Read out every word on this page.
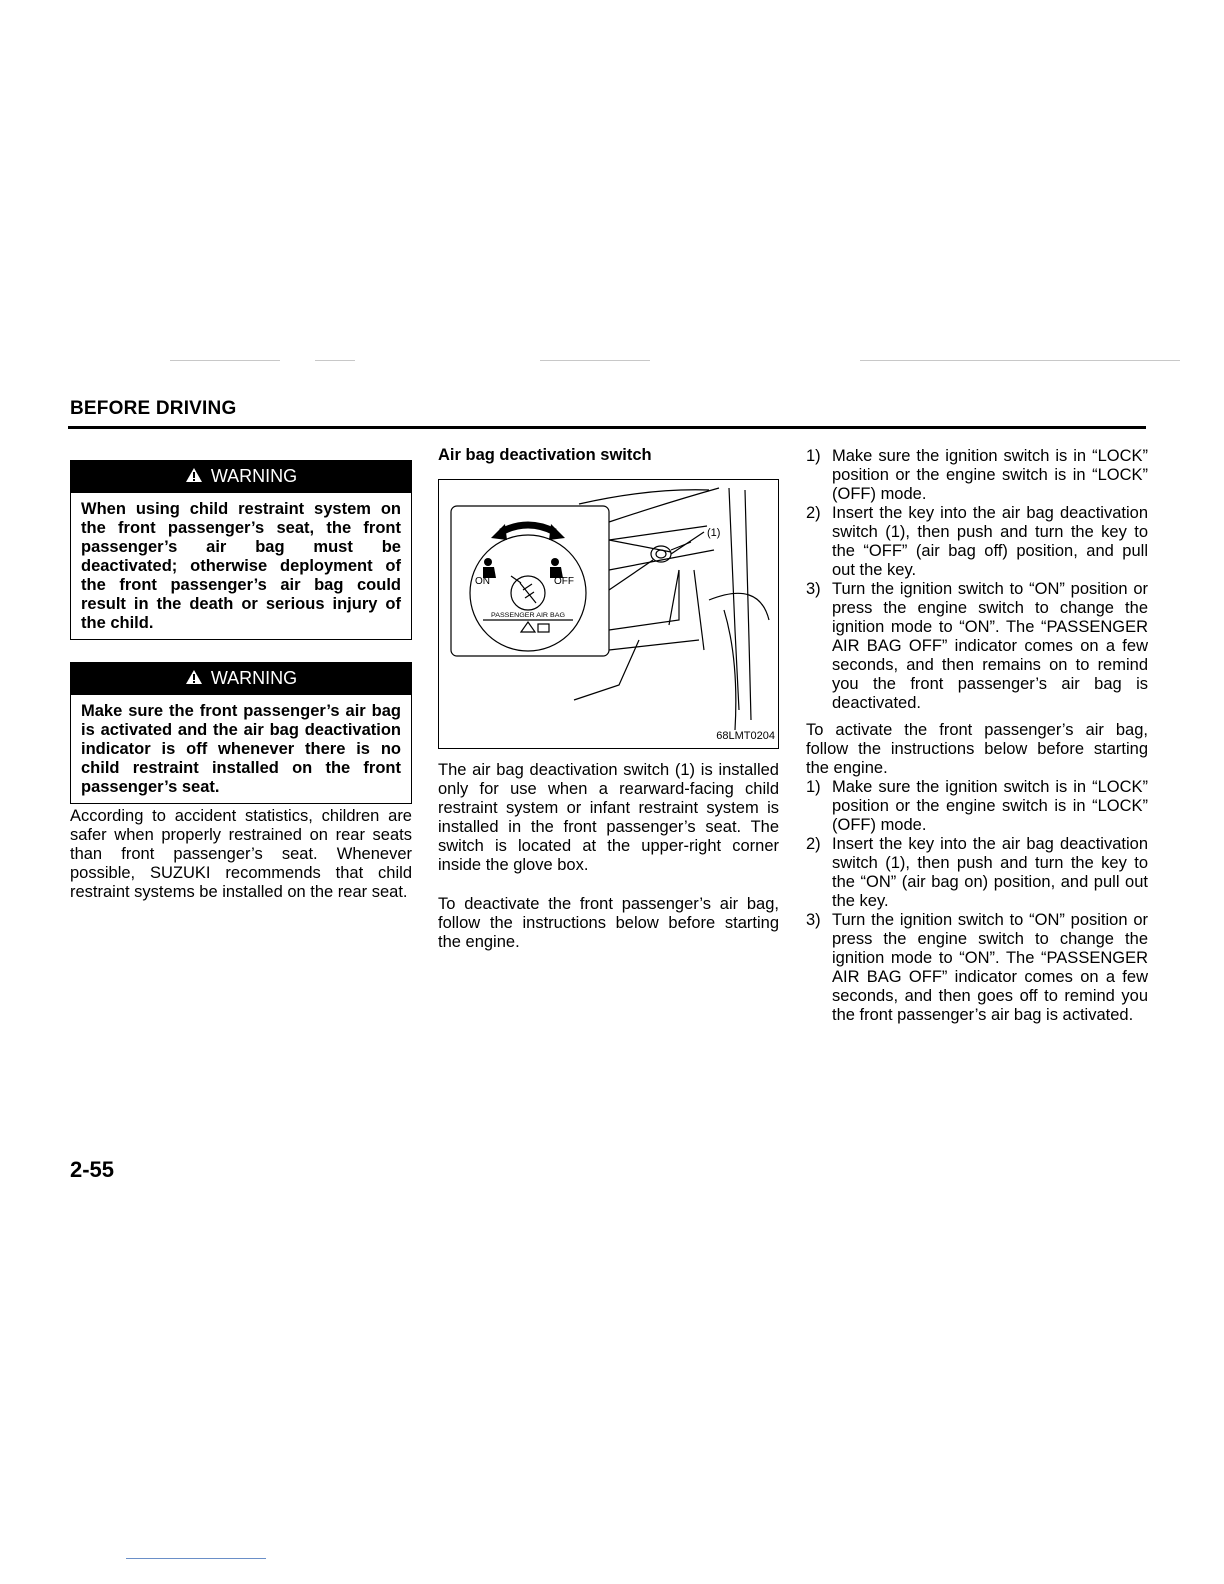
BEFORE DRIVING
WARNING
When using child restraint system on the front passenger’s seat, the front passenger’s air bag must be deactivated; otherwise deployment of the front passenger’s air bag could result in the death or serious injury of the child.
WARNING
Make sure the front passenger’s air bag is activated and the air bag deactivation indicator is off whenever there is no child restraint installed on the front passenger’s seat.

According to accident statistics, children are safer when properly restrained on rear seats than front passenger’s seat. Whenever possible, SUZUKI recommends that child restraint systems be installed on the rear seat.

Air bag deactivation switch
ON	OFF
PASSENGER AIR BAG
(1)
68LMT0204

The air bag deactivation switch (1) is installed only for use when a rearward-facing child restraint system or infant restraint system is installed in the front passenger’s seat. The switch is located at the upper-right corner inside the glove box.

To deactivate the front passenger’s air bag, follow the instructions below before starting the engine.

1) Make sure the ignition switch is in “LOCK” position or the engine switch is in “LOCK” (OFF) mode.
2) Insert the key into the air bag deactivation switch (1), then push and turn the key to the “OFF” (air bag off) position, and pull out the key.
3) Turn the ignition switch to “ON” position or press the engine switch to change the ignition mode to “ON”. The “PASSENGER AIR BAG OFF” indicator comes on a few seconds, and then remains on to remind you the front passenger’s air bag is deactivated.

To activate the front passenger’s air bag, follow the instructions below before starting the engine.

1) Make sure the ignition switch is in “LOCK” position or the engine switch is in “LOCK” (OFF) mode.
2) Insert the key into the air bag deactivation switch (1), then push and turn the key to the “ON” (air bag on) position, and pull out the key.
3) Turn the ignition switch to “ON” position or press the engine switch to change the ignition mode to “ON”. The “PASSENGER AIR BAG OFF” indicator comes on a few seconds, and then goes off to remind you the front passenger’s air bag is activated.

2-55
